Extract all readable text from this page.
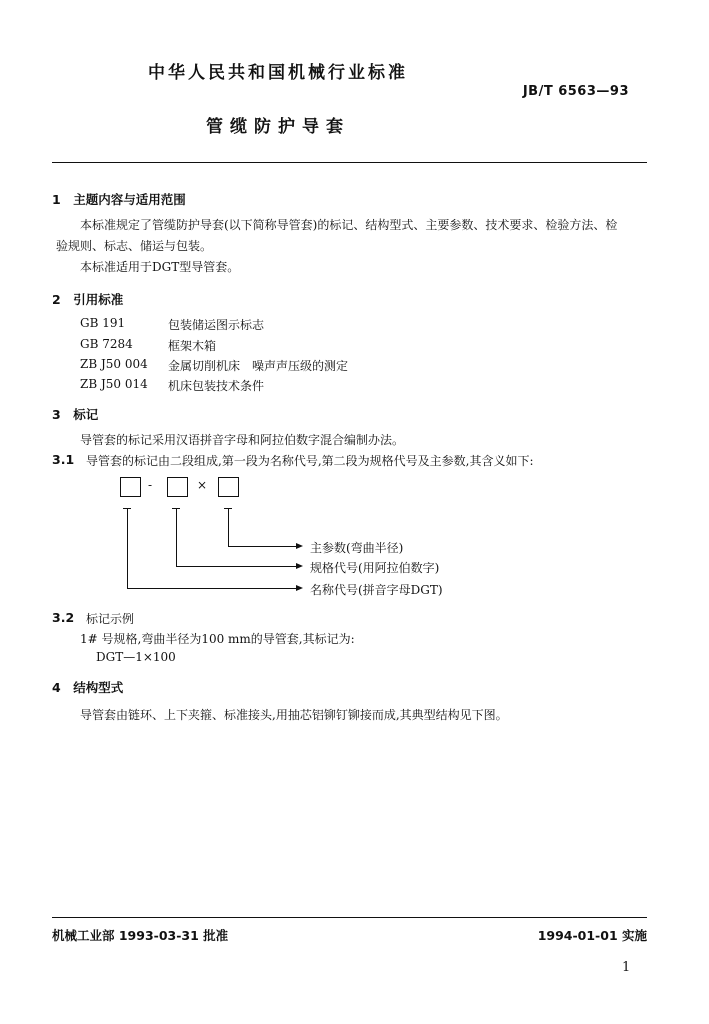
中华人民共和国机械行业标准
JB/T 6563—93
管缆防护导套
1　主题内容与适用范围
本标准规定了管缆防护导套(以下简称导管套)的标记、结构型式、主要参数、技术要求、检验方法、检
验规则、标志、储运与包装。
本标准适用于DGT型导管套。
2　引用标准
GB 191	包装储运图示标志
GB 7284	框架木箱
ZB J50 004 金属切削机床　噪声声压级的测定
ZB J50 014 机床包装技术条件
3　标记
导管套的标记采用汉语拼音字母和阿拉伯数字混合编制办法。
3.1 导管套的标记由二段组成,第一段为名称代号,第二段为规格代号及主参数,其含义如下:
-	×
主参数(弯曲半径)
规格代号(用阿拉伯数字)
名称代号(拼音字母DGT)
3.2 标记示例
1# 号规格,弯曲半径为100 mm的导管套,其标记为:
DGT—1×100
4　结构型式
导管套由链环、上下夹箍、标准接头,用抽芯铝铆钉铆接而成,其典型结构见下图。
机械工业部 1993-03-31 批准	1994-01-01 实施
1
